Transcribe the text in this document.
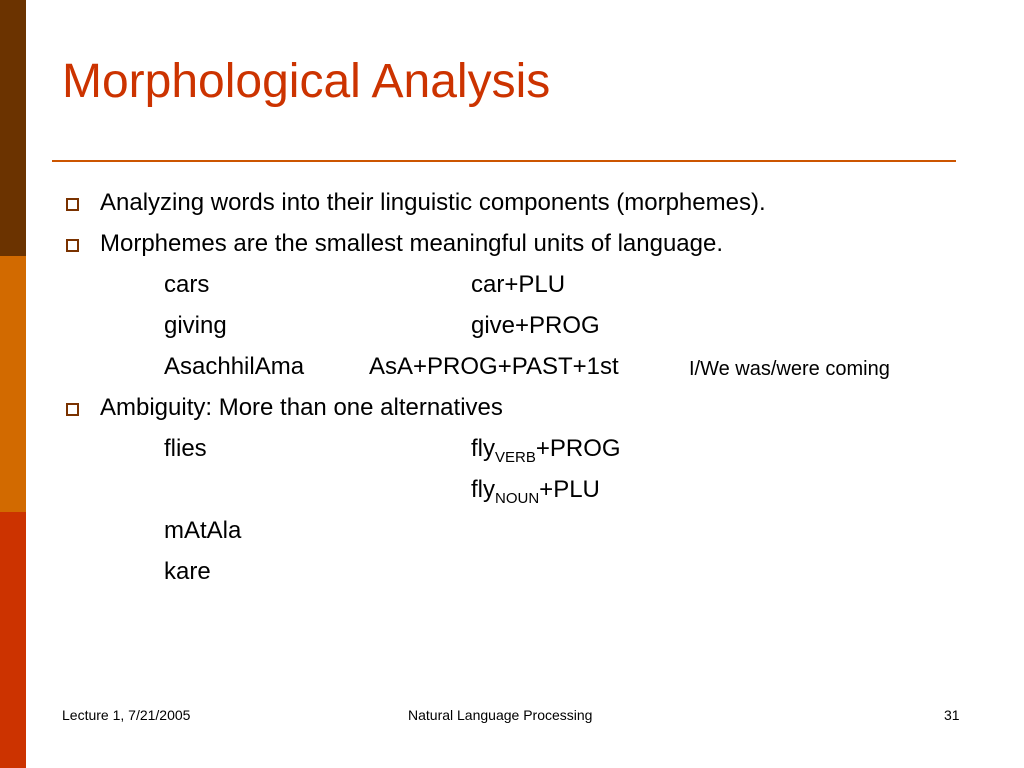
Morphological Analysis
Analyzing words into their linguistic components (morphemes).
Morphemes are the smallest meaningful units of language.
cars	car+PLU
giving	give+PROG
AsachhilAma	AsA+PROG+PAST+1st	I/We was/were coming
Ambiguity: More than one alternatives
flies	fly$_{VERB}$+PROG
fly$_{NOUN}$+PLU
mAtAla
kare
Lecture 1, 7/21/2005	Natural Language Processing	31
